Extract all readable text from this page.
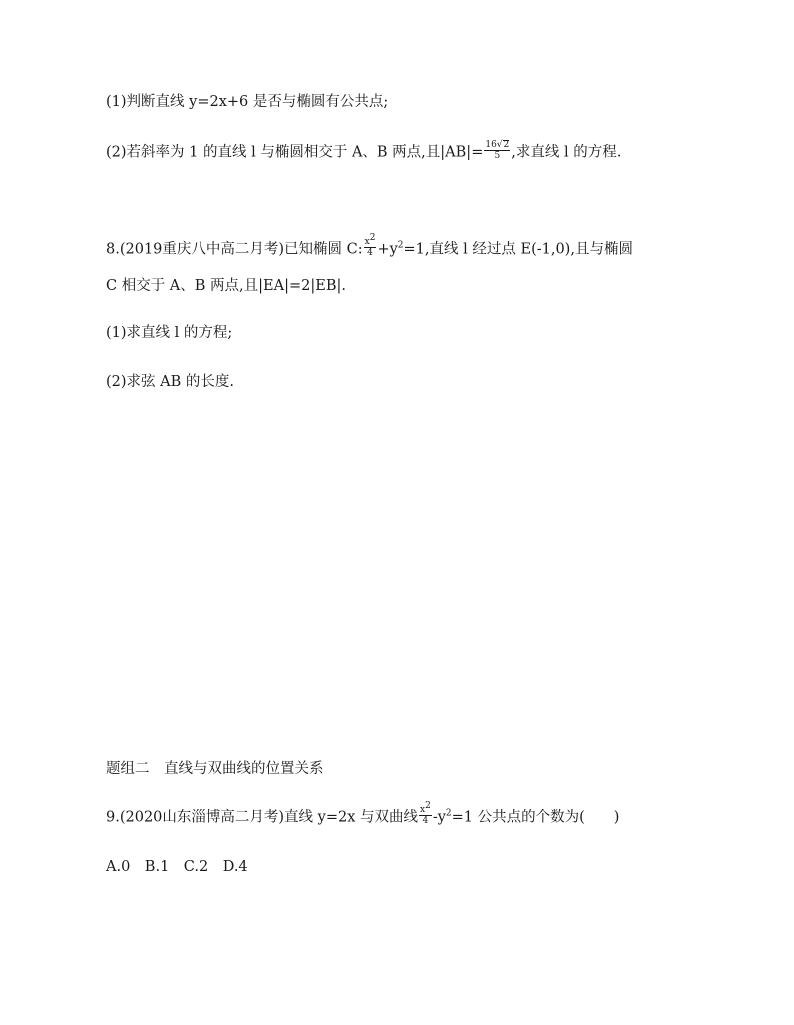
(1)判断直线 y=2x+6 是否与椭圆有公共点;
(2)若斜率为 1 的直线 l 与椭圆相交于 A、B 两点,且$|AB|= \frac{16√2}{5}$ ,求直线 l 的方程.
8.(2019重庆八中高二月考)已知椭圆 C: $\frac{x2}{4} +y^2=1$,直线 l 经过点 E(-1,0),且与椭圆
C 相交于 A、B 两点,且|EA|=2|EB|.
(1)求直线 l 的方程;
(2)求弦 AB 的长度.
题组二　直线与双曲线的位置关系
9.(2020山东淄博高二月考)直线 y=2x 与双曲线 $\frac{x2}{4} -y^2=1$ 公共点的个数为(　　)
A.0　B.1　C.2　D.4
